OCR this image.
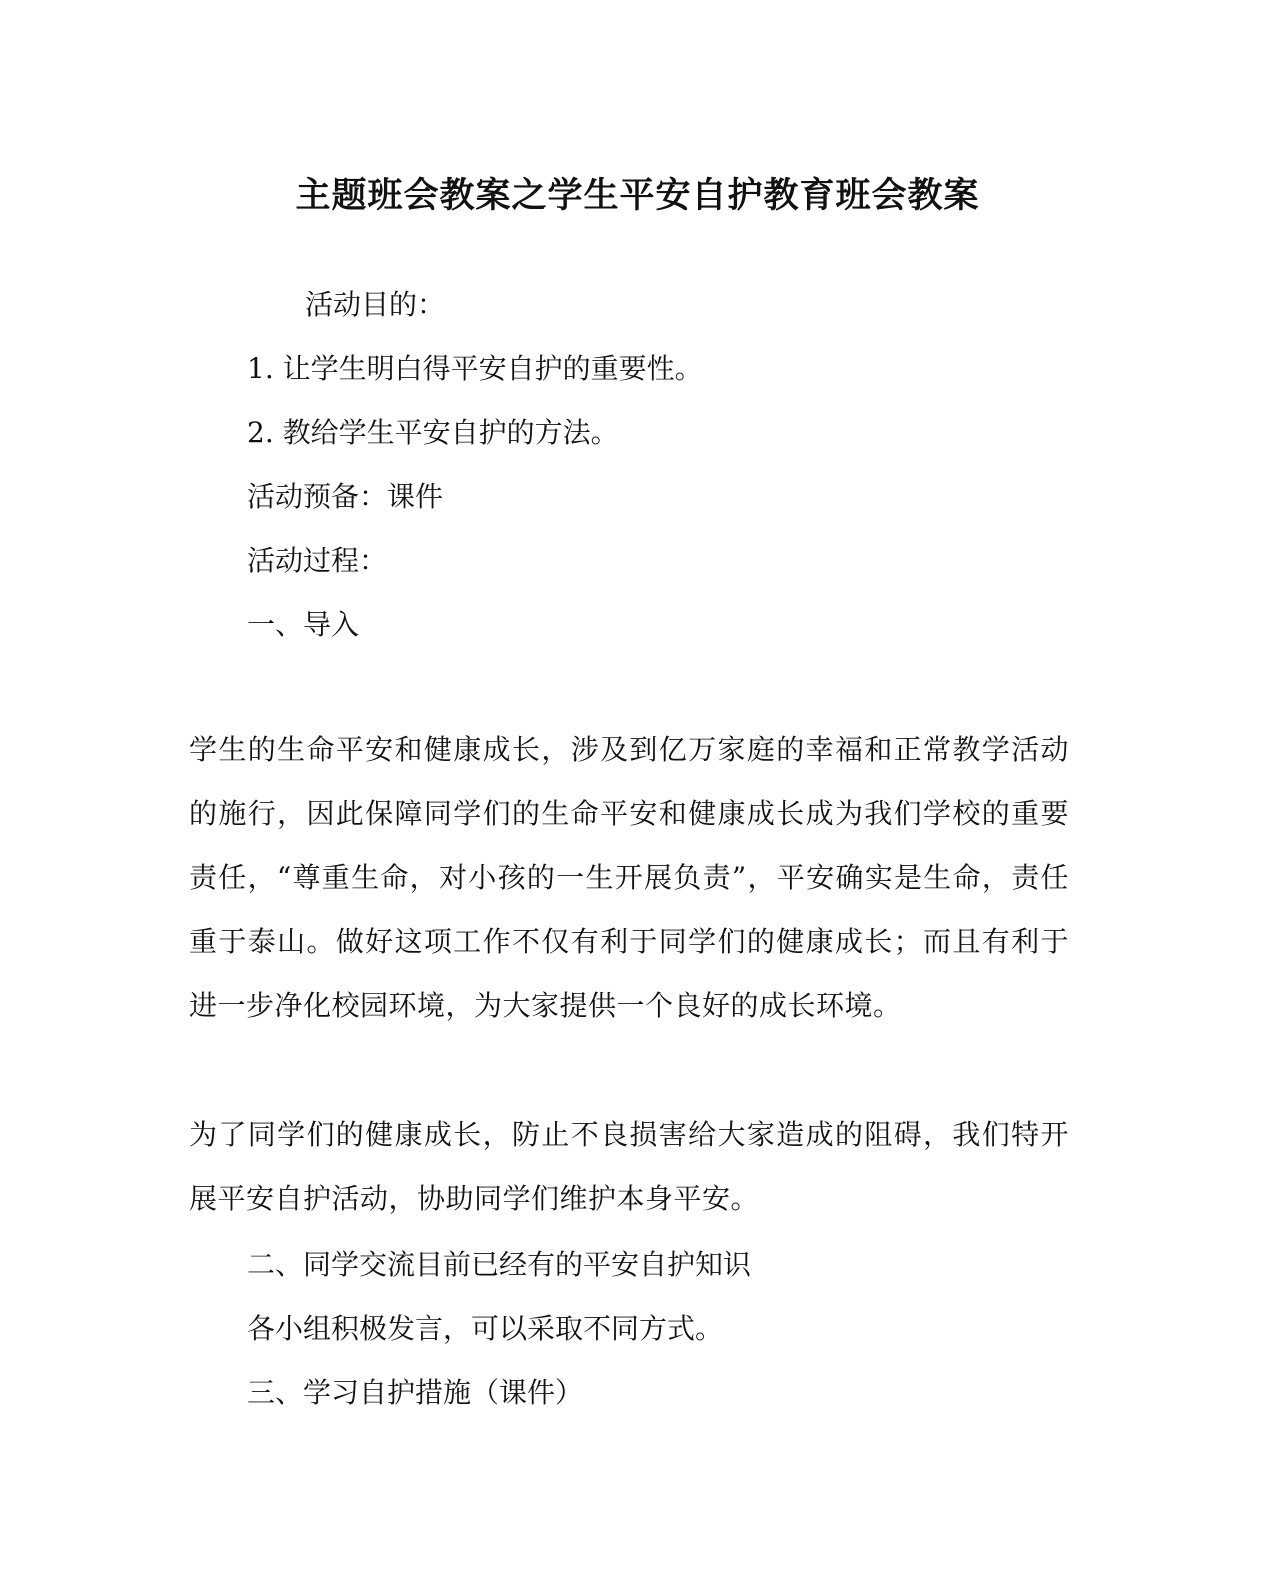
主题班会教案之学生平安自护教育班会教案
活动目的：
1. 让学生明白得平安自护的重要性。
2. 教给学生平安自护的方法。
活动预备：课件
活动过程：
一、导入
学生的生命平安和健康成长，涉及到亿万家庭的幸福和正常教学活动的施行，因此保障同学们的生命平安和健康成长成为我们学校的重要责任，“尊重生命，对小孩的一生开展负责”，平安确实是生命，责任重于泰山。做好这项工作不仅有利于同学们的健康成长；而且有利于进一步净化校园环境，为大家提供一个良好的成长环境。
为了同学们的健康成长，防止不良损害给大家造成的阻碍，我们特开展平安自护活动，协助同学们维护本身平安。
二、同学交流目前已经有的平安自护知识
各小组积极发言，可以采取不同方式。
三、学习自护措施（课件）
